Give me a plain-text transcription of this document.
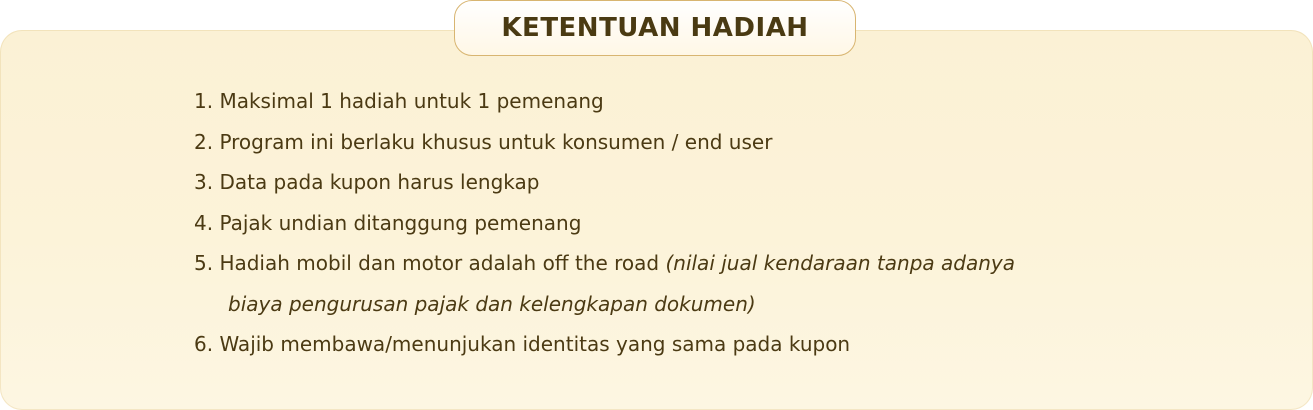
KETENTUAN HADIAH
1. Maksimal 1 hadiah untuk 1 pemenang
2. Program ini berlaku khusus untuk konsumen / end user
3. Data pada kupon harus lengkap
4. Pajak undian ditanggung pemenang
5. Hadiah mobil dan motor adalah off the road (nilai jual kendaraan tanpa adanya
biaya pengurusan pajak dan kelengkapan dokumen)
6. Wajib membawa/menunjukan identitas yang sama pada kupon
